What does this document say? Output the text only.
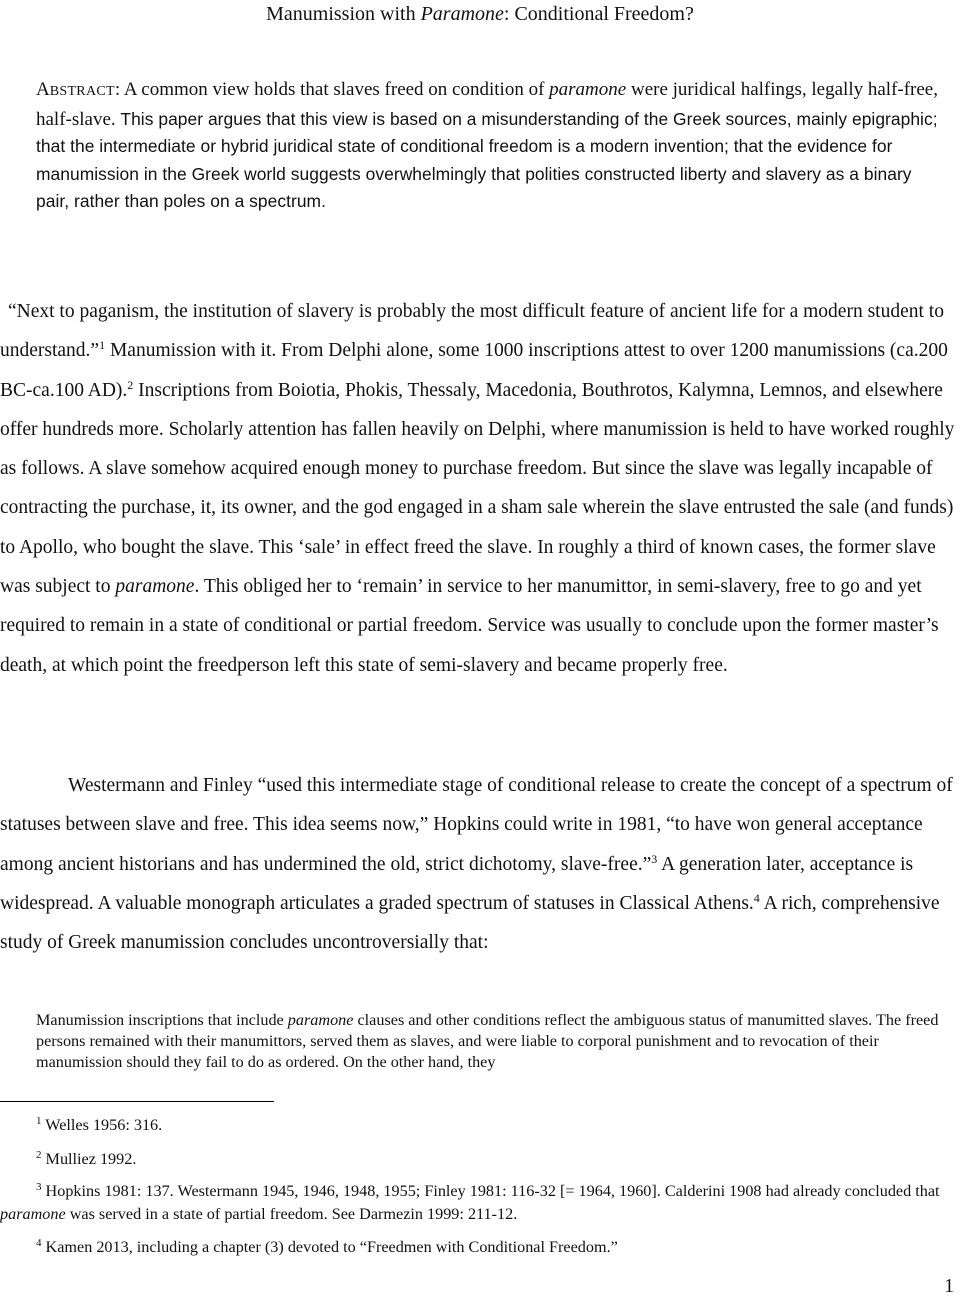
Manumission with Paramone: Conditional Freedom?
ABSTRACT: A common view holds that slaves freed on condition of paramone were juridical halfings, legally half-free, half-slave. This paper argues that this view is based on a misunderstanding of the Greek sources, mainly epigraphic; that the intermediate or hybrid juridical state of conditional freedom is a modern invention; that the evidence for manumission in the Greek world suggests overwhelmingly that polities constructed liberty and slavery as a binary pair, rather than poles on a spectrum.
“Next to paganism, the institution of slavery is probably the most difficult feature of ancient life for a modern student to understand.”$^1$ Manumission with it. From Delphi alone, some 1000 inscriptions attest to over 1200 manumissions (ca.200 BC-ca.100 AD).$^2$ Inscriptions from Boiotia, Phokis, Thessaly, Macedonia, Bouthrotos, Kalymna, Lemnos, and elsewhere offer hundreds more. Scholarly attention has fallen heavily on Delphi, where manumission is held to have worked roughly as follows. A slave somehow acquired enough money to purchase freedom. But since the slave was legally incapable of contracting the purchase, it, its owner, and the god engaged in a sham sale wherein the slave entrusted the sale (and funds) to Apollo, who bought the slave. This ‘sale’ in effect freed the slave. In roughly a third of known cases, the former slave was subject to paramone. This obliged her to ‘remain’ in service to her manumittor, in semi-slavery, free to go and yet required to remain in a state of conditional or partial freedom. Service was usually to conclude upon the former master’s death, at which point the freedperson left this state of semi-slavery and became properly free.
Westermann and Finley “used this intermediate stage of conditional release to create the concept of a spectrum of statuses between slave and free. This idea seems now,” Hopkins could write in 1981, “to have won general acceptance among ancient historians and has undermined the old, strict dichotomy, slave-free.”$^3$ A generation later, acceptance is widespread. A valuable monograph articulates a graded spectrum of statuses in Classical Athens.$^4$ A rich, comprehensive study of Greek manumission concludes uncontroversially that:
Manumission inscriptions that include paramone clauses and other conditions reflect the ambiguous status of manumitted slaves. The freed persons remained with their manumittors, served them as slaves, and were liable to corporal punishment and to revocation of their manumission should they fail to do as ordered. On the other hand, they
$^1$ Welles 1956: 316.
$^2$ Mulliez 1992.
$^3$ Hopkins 1981: 137. Westermann 1945, 1946, 1948, 1955; Finley 1981: 116-32 [= 1964, 1960]. Calderini 1908 had already concluded that paramone was served in a state of partial freedom. See Darmezin 1999: 211-12.
$^4$ Kamen 2013, including a chapter (3) devoted to “Freedmen with Conditional Freedom.”
1
